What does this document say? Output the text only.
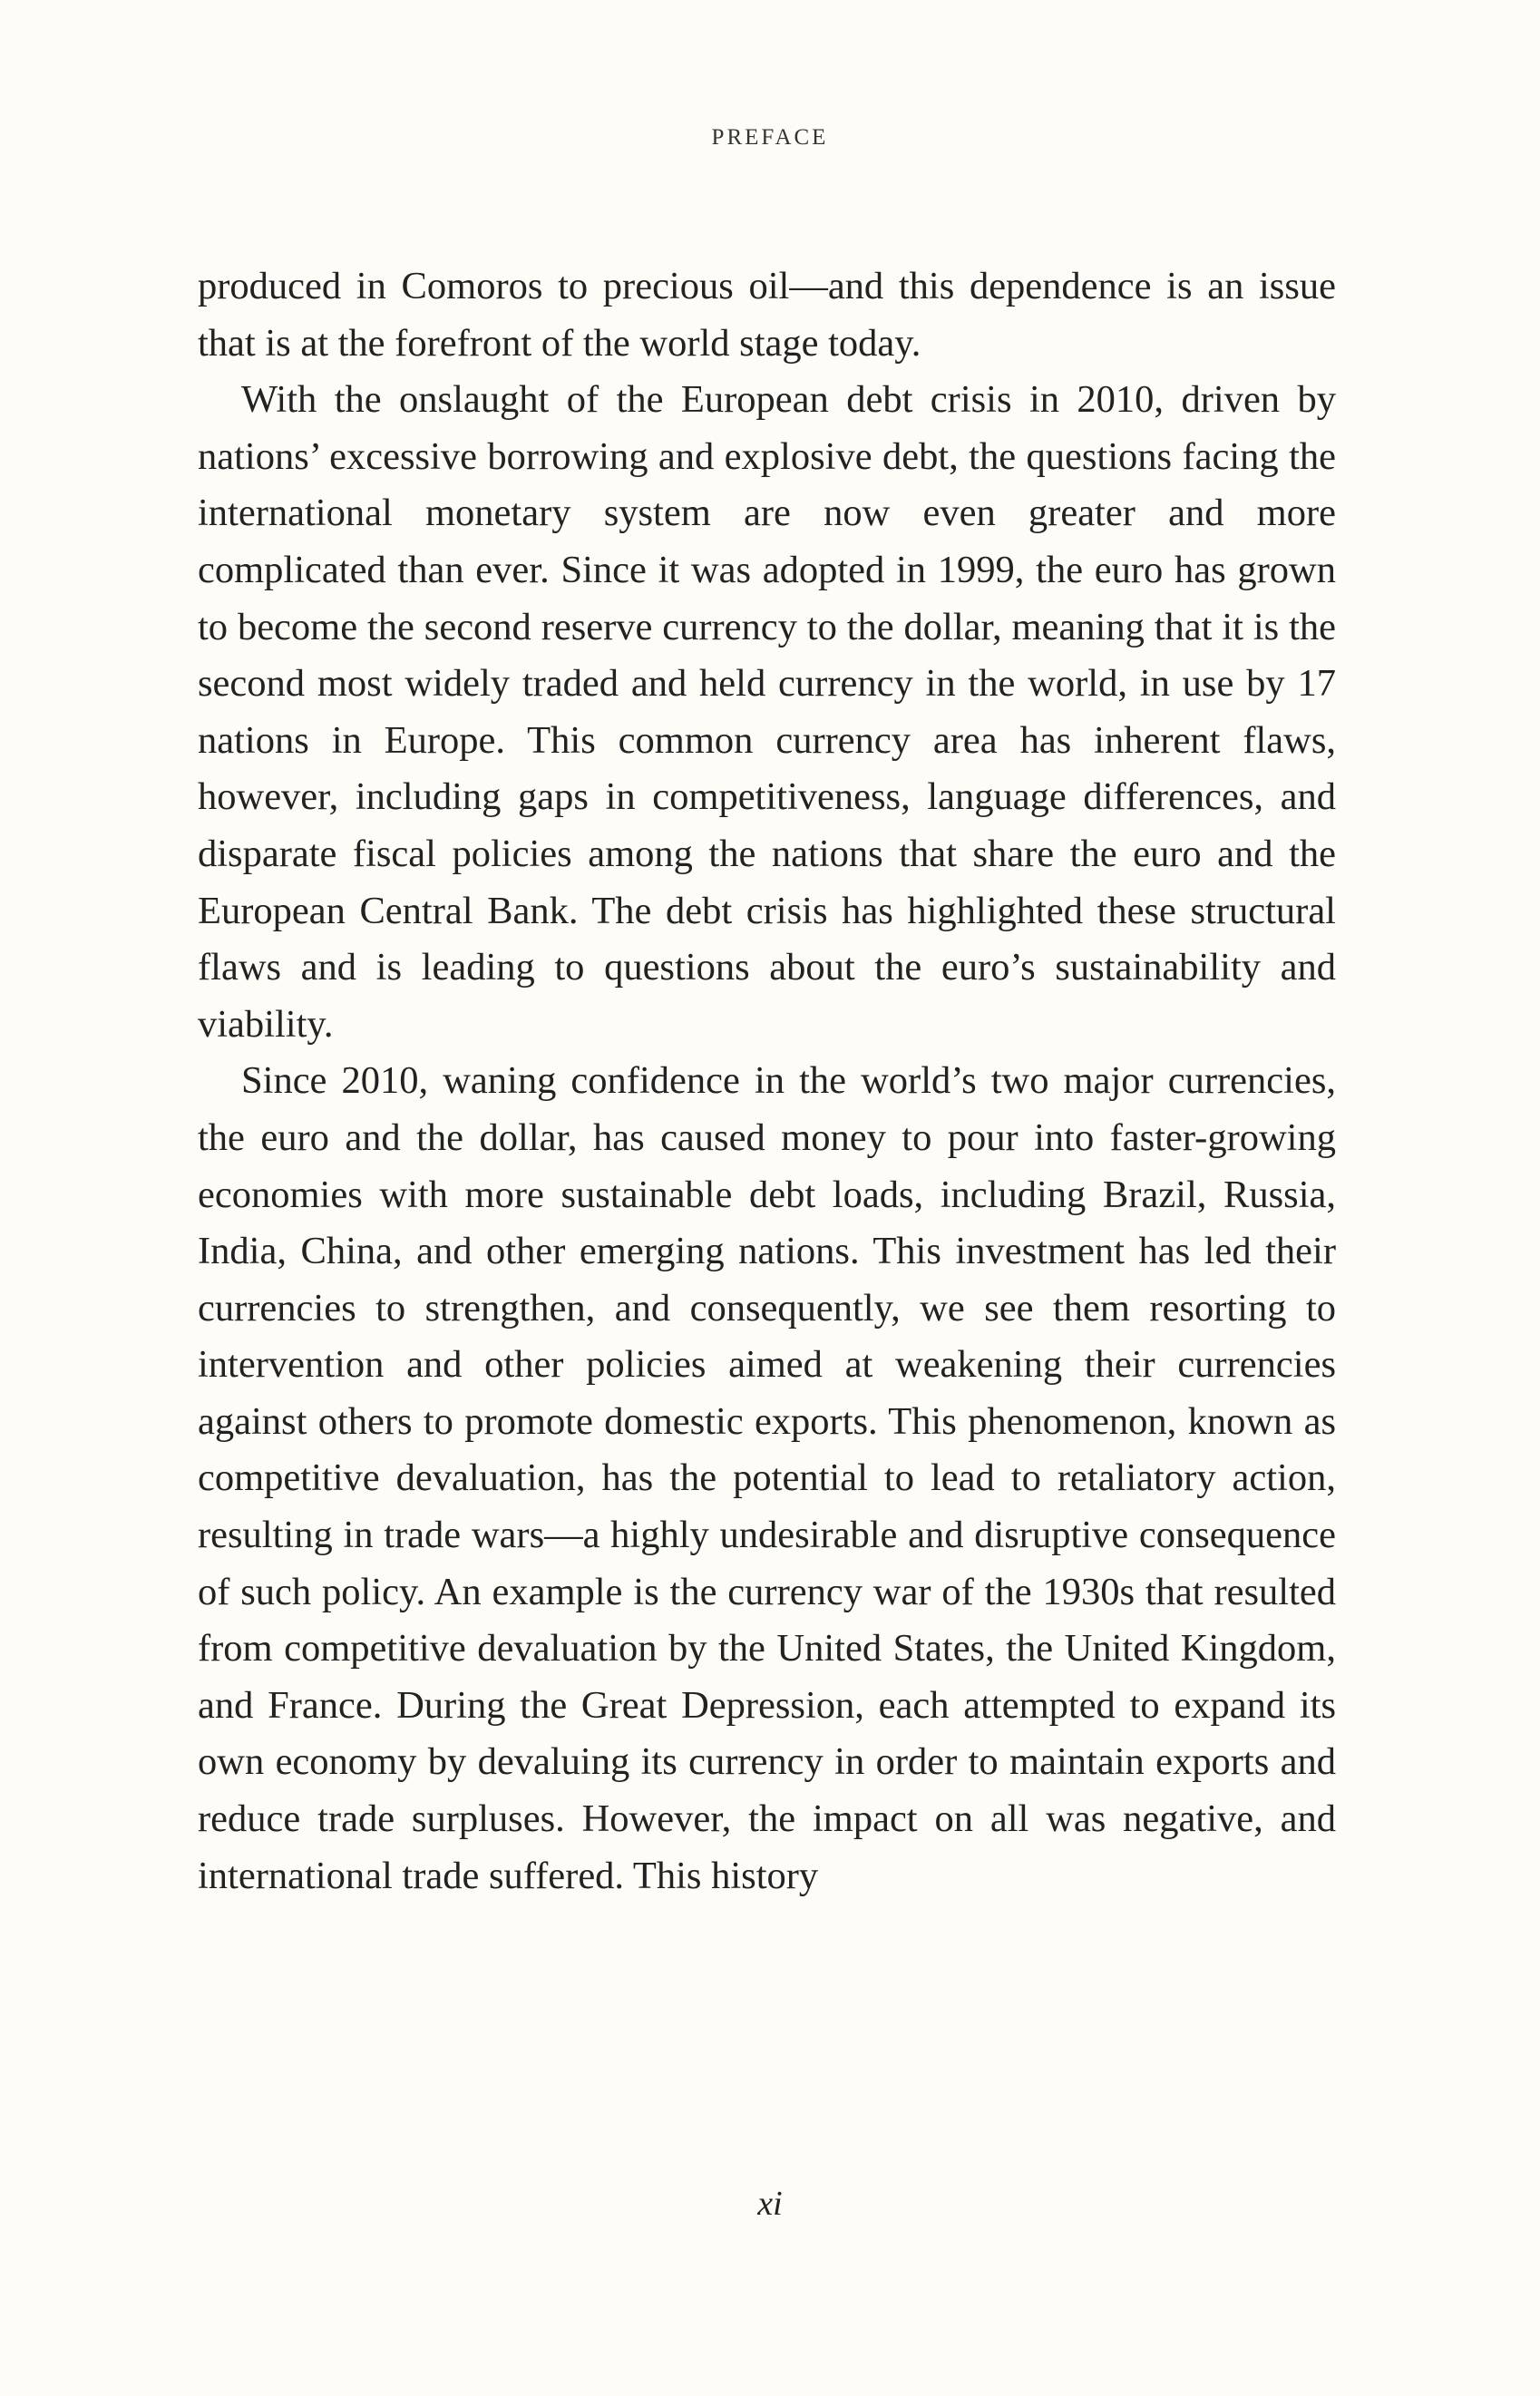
PREFACE

produced in Comoros to precious oil—and this dependence is an issue that is at the forefront of the world stage today.

With the onslaught of the European debt crisis in 2010, driven by nations’ excessive borrowing and explosive debt, the questions facing the international monetary system are now even greater and more complicated than ever. Since it was adopted in 1999, the euro has grown to become the second reserve currency to the dollar, meaning that it is the second most widely traded and held currency in the world, in use by 17 nations in Europe. This common currency area has inherent flaws, however, including gaps in competitiveness, language differences, and disparate fiscal policies among the nations that share the euro and the European Central Bank. The debt crisis has highlighted these structural flaws and is leading to questions about the euro’s sustainability and viability.

Since 2010, waning confidence in the world’s two major currencies, the euro and the dollar, has caused money to pour into faster-growing economies with more sustainable debt loads, including Brazil, Russia, India, China, and other emerging nations. This investment has led their currencies to strengthen, and consequently, we see them resorting to intervention and other policies aimed at weakening their currencies against others to promote domestic exports. This phenomenon, known as competitive devaluation, has the potential to lead to retaliatory action, resulting in trade wars—a highly undesirable and disruptive consequence of such policy. An example is the currency war of the 1930s that resulted from competitive devaluation by the United States, the United Kingdom, and France. During the Great Depression, each attempted to expand its own economy by devaluing its currency in order to maintain exports and reduce trade surpluses. However, the impact on all was negative, and international trade suffered. This history

xi
